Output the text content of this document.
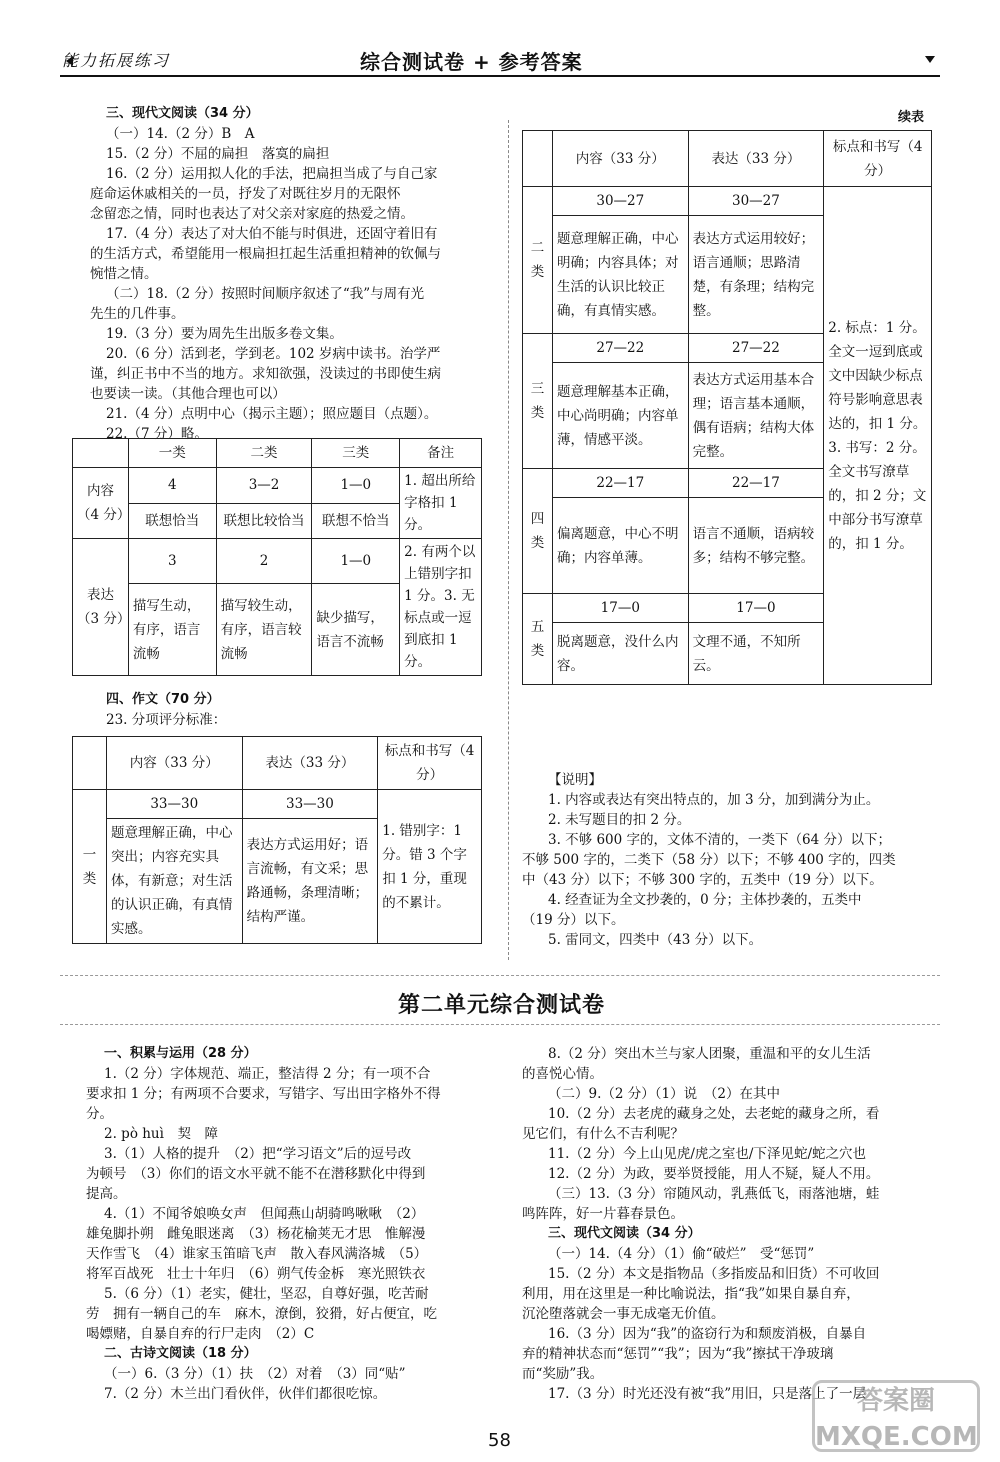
能力拓展练习	综合测试卷 + 参考答案
三、现代文阅读（34 分）
（一）14.（2 分）B　A
15.（2 分）不屈的扁担　落寞的扁担
16.（2 分）运用拟人化的手法，把扁担当成了与自己家
庭命运休戚相关的一员，抒发了对既往岁月的无限怀
念留恋之情，同时也表达了对父亲对家庭的热爱之情。
17.（4 分）表达了对大伯不能与时俱进，还固守着旧有
的生活方式，希望能用一根扁担扛起生活重担精神的钦佩与
惋惜之情。
（二）18.（2 分）按照时间顺序叙述了“我”与周有光
先生的几件事。
19.（3 分）要为周先生出版多卷文集。
20.（6 分）活到老，学到老。102 岁病中读书。治学严
谨，纠正书中不当的地方。求知欲强，没读过的书即使生病
也要读一读。（其他合理也可以）
21.（4 分）点明中心（揭示主题）；照应题目（点题）。
22.（7 分）略。
	一类	二类	三类	备注
内容（4 分）	4	3—2	1—0	1. 超出所给字格扣 1 分。
	联想恰当	联想比较恰当	联想不恰当	
表达（3 分）	3	2	1—0	2. 有两个以上错别字扣 1 分。3. 无标点或一逗到底扣 1 分。
	描写生动，有序，语言流畅	描写较生动，有序，语言较流畅	缺少描写，语言不流畅	
四、作文（70 分）
23. 分项评分标准：
	内容（33 分）	表达（33 分）	标点和书写（4 分）
一类	33—30	33—30	1. 错别字：1 分。错 3 个字扣 1 分，重现的不累计。
	题意理解正确，中心突出；内容充实具体，有新意；对生活的认识正确，有真情实感。	表达方式运用好；语言流畅，有文采；思路通畅，条理清晰；结构严谨。	
续表
	内容（33 分）	表达（33 分）	标点和书写（4 分）
二类	30—27	30—27	2. 标点：1 分。全文一逗到底或文中因缺少标点符号影响意思表达的，扣 1 分。3. 书写：2 分。全文书写潦草的，扣 2 分；文中部分书写潦草的，扣 1 分。
	题意理解正确，中心明确；内容具体；对生活的认识比较正确，有真情实感。	表达方式运用较好；语言通顺；思路清楚，有条理；结构完整。	
三类	27—22	27—22	
	题意理解基本正确，中心尚明确；内容单薄，情感平淡。	表达方式运用基本合理；语言基本通顺，偶有语病；结构大体完整。	
四类	22—17	22—17	
	偏离题意，中心不明确；内容单薄。	语言不通顺，语病较多；结构不够完整。	
五类	17—0	17—0	
	脱离题意，没什么内容。	文理不通，不知所云。	
【说明】
1. 内容或表达有突出特点的，加 3 分，加到满分为止。
2. 未写题目的扣 2 分。
3. 不够 600 字的，文体不清的，一类下（64 分）以下；
不够 500 字的，二类下（58 分）以下；不够 400 字的，四类
中（43 分）以下；不够 300 字的，五类中（19 分）以下。
4. 经查证为全文抄袭的，0 分；主体抄袭的，五类中
（19 分）以下。
5. 雷同文，四类中（43 分）以下。
第二单元综合测试卷
一、积累与运用（28 分）
1.（2 分）字体规范、端正，整洁得 2 分；有一项不合
要求扣 1 分；有两项不合要求，写错字、写出田字格外不得
分。
2. pò huì　契　障
3.（1）人格的提升　（2）把“学习语文”后的逗号改
为顿号　（3）你们的语文水平就不能不在潜移默化中得到
提高。
4.（1）不闻爷娘唤女声　但闻燕山胡骑鸣啾啾　（2）
雄兔脚扑朔　雌兔眼迷离　（3）杨花榆荚无才思　惟解漫
天作雪飞　（4）谁家玉笛暗飞声　散入春风满洛城　（5）
将军百战死　壮士十年归　（6）朔气传金柝　寒光照铁衣
5.（6 分）（1）老实，健壮，坚忍，自尊好强，吃苦耐
劳　拥有一辆自己的车　麻木，潦倒，狡猾，好占便宜，吃
喝嫖赌，自暴自弃的行尸走肉　（2）C
二、古诗文阅读（18 分）
（一）6.（3 分）（1）扶　（2）对着　（3）同“贴”
7.（2 分）木兰出门看伙伴，伙伴们都很吃惊。
8.（2 分）突出木兰与家人团聚，重温和平的女儿生活
的喜悦心情。
（二）9.（2 分）（1）说　（2）在其中
10.（2 分）去老虎的藏身之处，去老蛇的藏身之所，看
见它们，有什么不吉利呢？
11.（2 分）今上山见虎/虎之室也/下泽见蛇/蛇之穴也
12.（2 分）为政，要举贤授能，用人不疑，疑人不用。
（三）13.（3 分）帘随风动，乳燕低飞，雨落池塘，蛙
鸣阵阵，好一片暮春景色。
三、现代文阅读（34 分）
（一）14.（4 分）（1）偷“破烂”　受“惩罚”
15.（2 分）本文是指物品（多指废品和旧货）不可收回
利用，用在这里是一种比喻说法，指“我”如果自暴自弃，
沉沦堕落就会一事无成毫无价值。
16.（3 分）因为“我”的盗窃行为和颓废消极，自暴自
弃的精神状态而“惩罚”“我”；因为“我”擦拭干净玻璃
而“奖励”我。
17.（3 分）时光还没有被“我”用旧，只是落上了一层
58
答案圈 MXQE.COM
